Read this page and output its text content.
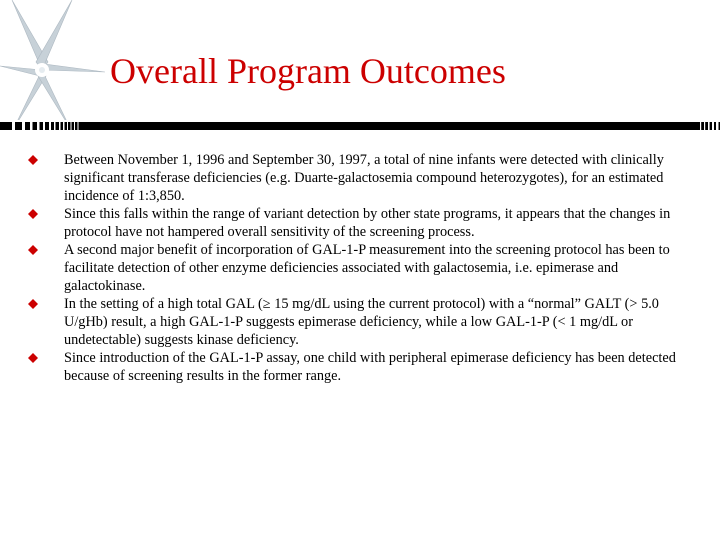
Overall Program Outcomes
Between November 1, 1996 and September 30, 1997, a total of nine infants were detected with clinically significant transferase deficiencies (e.g. Duarte-galactosemia compound heterozygotes), for an estimated incidence of 1:3,850.
Since this falls within the range of variant detection by other state programs, it appears that the changes in protocol have not hampered overall sensitivity of the screening process.
A second major benefit of incorporation of GAL-1-P measurement into the screening protocol has been to facilitate detection of other enzyme deficiencies associated with galactosemia, i.e. epimerase and galactokinase.
In the setting of a high total GAL (≥ 15 mg/dL using the current protocol) with a “normal” GALT (> 5.0 U/gHb) result, a high GAL-1-P suggests epimerase deficiency, while a low GAL-1-P (< 1 mg/dL or undetectable) suggests kinase deficiency.
Since introduction of the GAL-1-P assay, one child with peripheral epimerase deficiency has been detected because of screening results in the former range.
